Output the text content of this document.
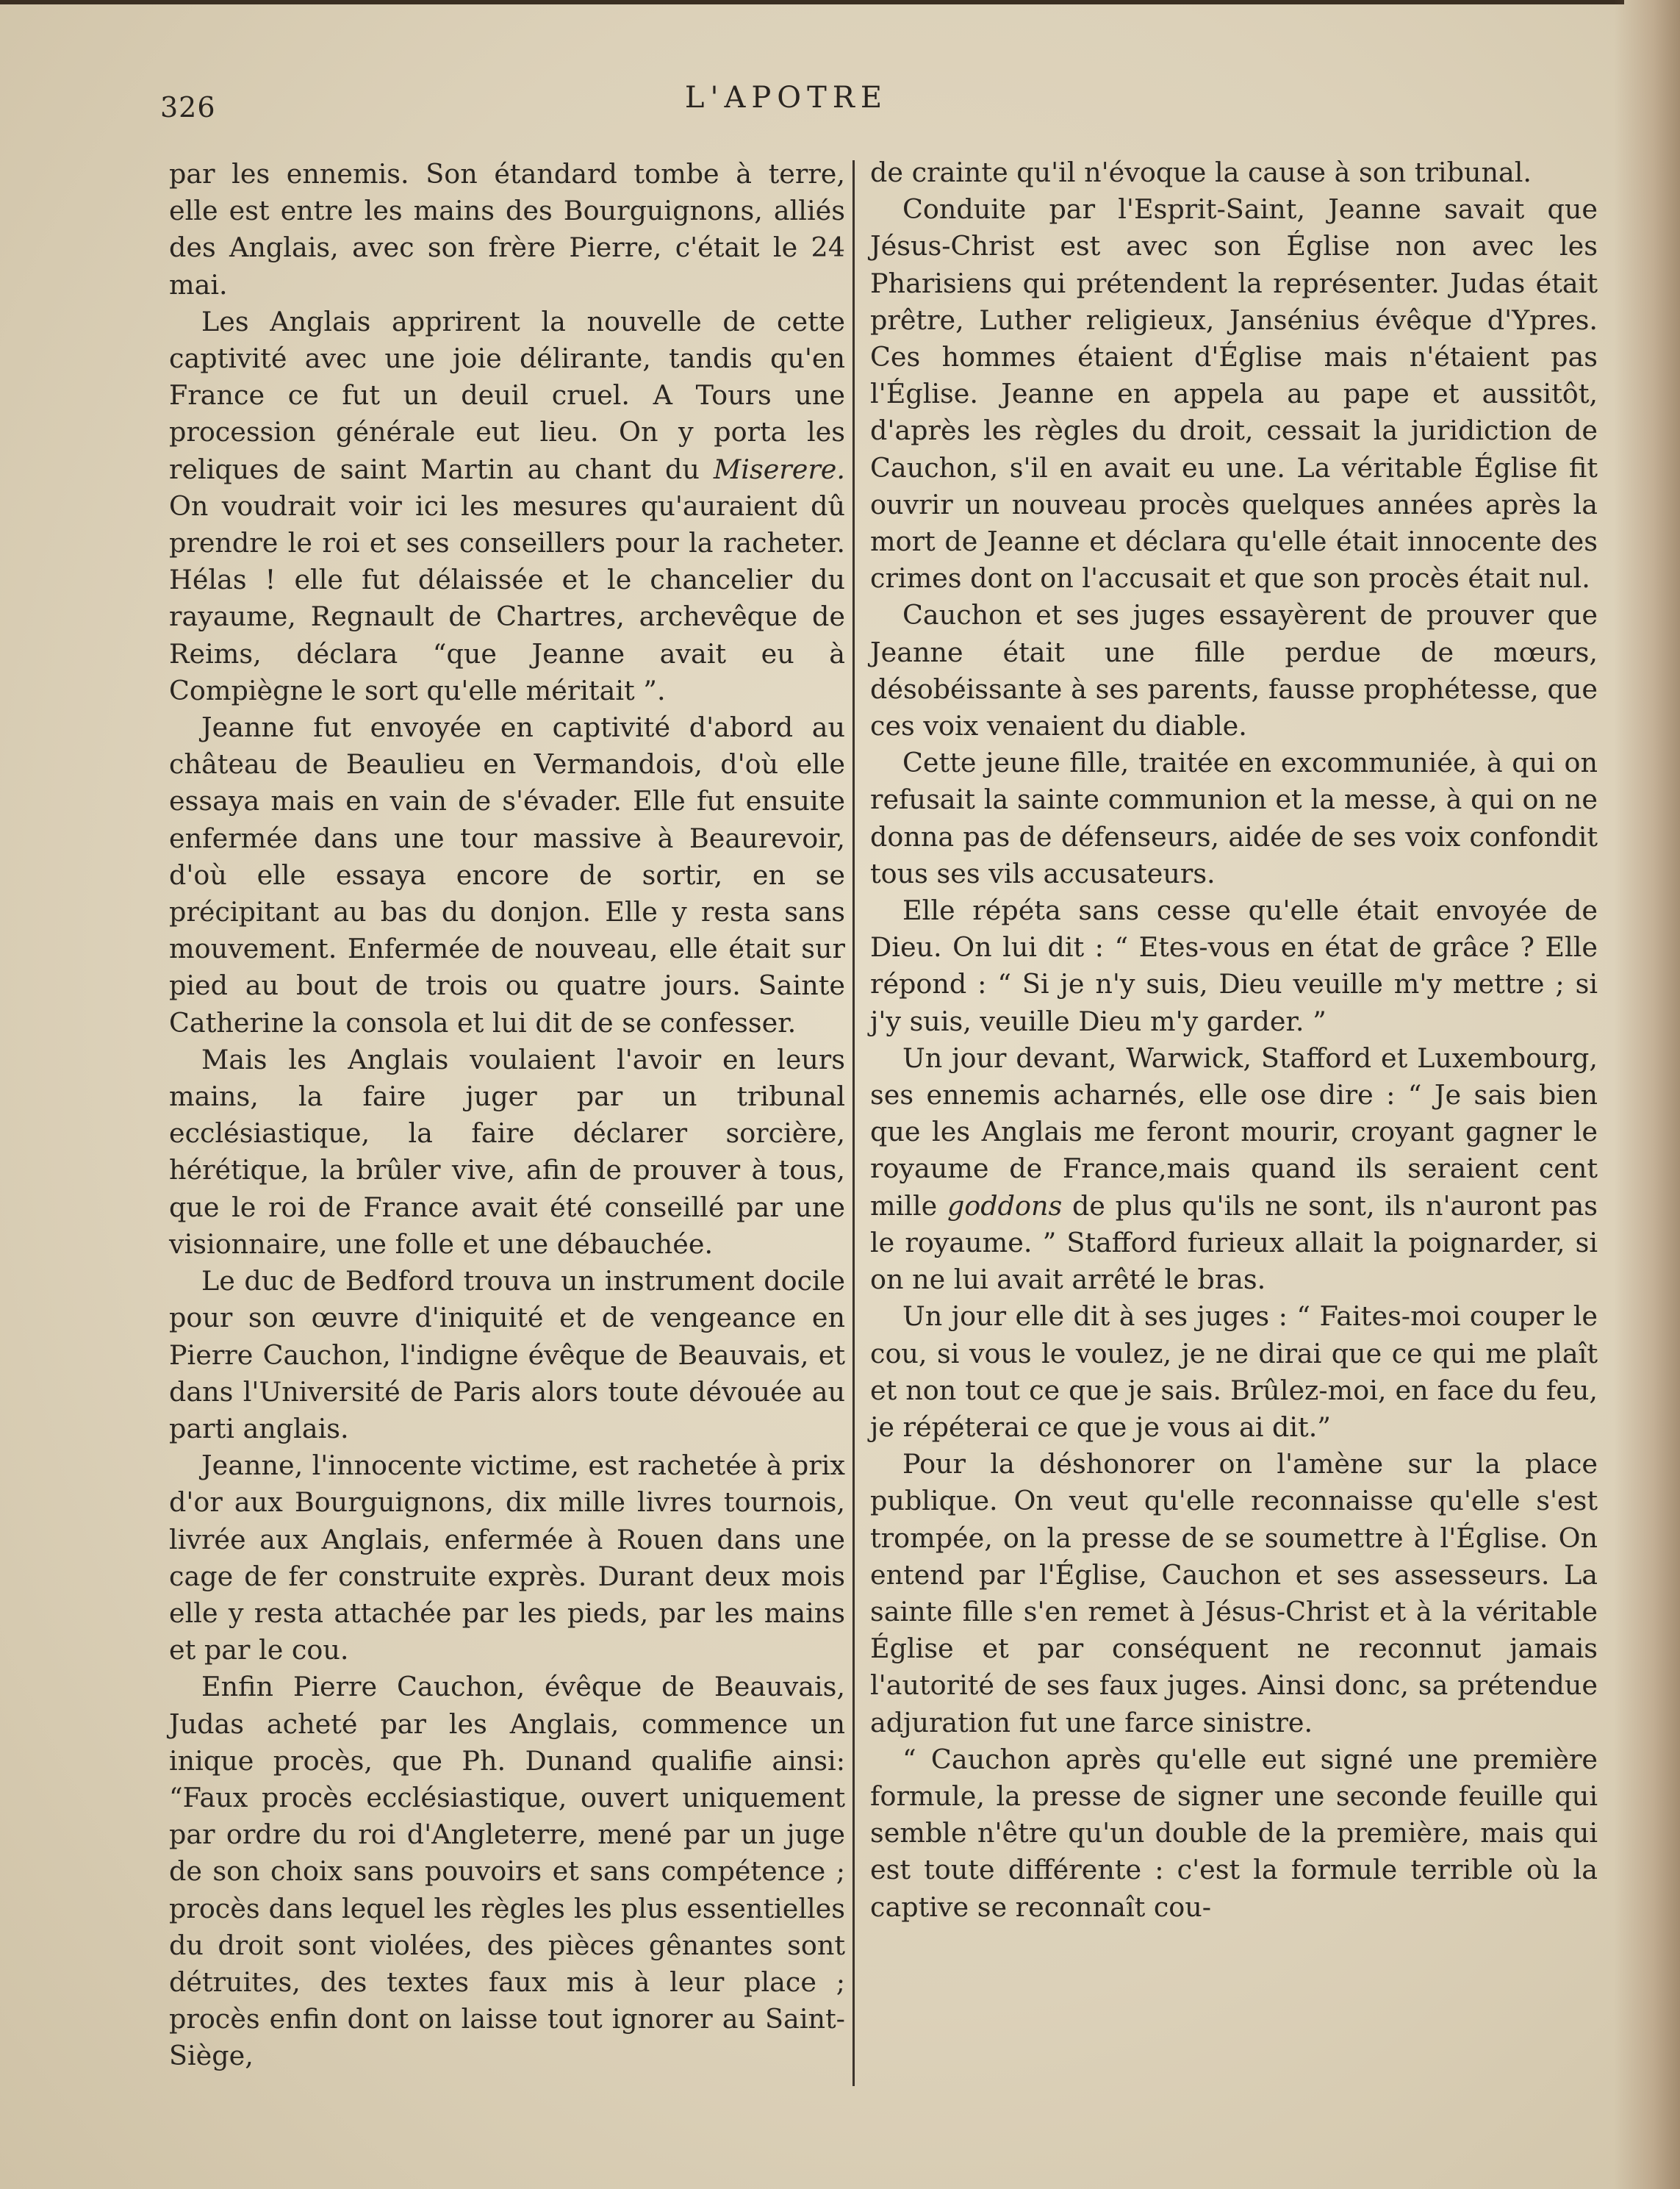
326	L'APOTRE

par les ennemis. Son étandard tombe à terre, elle est entre les mains des Bourguignons, alliés des Anglais, avec son frère Pierre, c'était le 24 mai.

Les Anglais apprirent la nouvelle de cette captivité avec une joie délirante, tandis qu'en France ce fut un deuil cruel. A Tours une procession générale eut lieu. On y porta les reliques de saint Martin au chant du Miserere. On voudrait voir ici les mesures qu'auraient dû prendre le roi et ses conseillers pour la racheter. Hélas ! elle fut délaissée et le chancelier du rayaume, Regnault de Chartres, archevêque de Reims, déclara “que Jeanne avait eu à Compiègne le sort qu'elle méritait ”.

Jeanne fut envoyée en captivité d'abord au château de Beaulieu en Vermandois, d'où elle essaya mais en vain de s'évader. Elle fut ensuite enfermée dans une tour massive à Beaurevoir, d'où elle essaya encore de sortir, en se précipitant au bas du donjon. Elle y resta sans mouvement. Enfermée de nouveau, elle était sur pied au bout de trois ou quatre jours. Sainte Catherine la consola et lui dit de se confesser.

Mais les Anglais voulaient l'avoir en leurs mains, la faire juger par un tribunal ecclésiastique, la faire déclarer sorcière, hérétique, la brûler vive, afin de prouver à tous, que le roi de France avait été conseillé par une visionnaire, une folle et une débauchée.

Le duc de Bedford trouva un instrument docile pour son œuvre d'iniquité et de vengeance en Pierre Cauchon, l'indigne évêque de Beauvais, et dans l'Université de Paris alors toute dévouée au parti anglais.

Jeanne, l'innocente victime, est rachetée à prix d'or aux Bourguignons, dix mille livres tournois, livrée aux Anglais, enfermée à Rouen dans une cage de fer construite exprès. Durant deux mois elle y resta attachée par les pieds, par les mains et par le cou.

Enfin Pierre Cauchon, évêque de Beauvais, Judas acheté par les Anglais, commence un inique procès, que Ph. Dunand qualifie ainsi: “Faux procès ecclésiastique, ouvert uniquement par ordre du roi d'Angleterre, mené par un juge de son choix sans pouvoirs et sans compétence ; procès dans lequel les règles les plus essentielles du droit sont violées, des pièces gênantes sont détruites, des textes faux mis à leur place ; procès enfin dont on laisse tout ignorer au Saint-Siège,

de crainte qu'il n'évoque la cause à son tribunal.

Conduite par l'Esprit-Saint, Jeanne savait que Jésus-Christ est avec son Église non avec les Pharisiens qui prétendent la représenter. Judas était prêtre, Luther religieux, Jansénius évêque d'Ypres. Ces hommes étaient d'Église mais n'étaient pas l'Église. Jeanne en appela au pape et aussitôt, d'après les règles du droit, cessait la juridiction de Cauchon, s'il en avait eu une. La véritable Église fit ouvrir un nouveau procès quelques années après la mort de Jeanne et déclara qu'elle était innocente des crimes dont on l'accusait et que son procès était nul.

Cauchon et ses juges essayèrent de prouver que Jeanne était une fille perdue de mœurs, désobéissante à ses parents, fausse prophétesse, que ces voix venaient du diable.

Cette jeune fille, traitée en excommuniée, à qui on refusait la sainte communion et la messe, à qui on ne donna pas de défenseurs, aidée de ses voix confondit tous ses vils accusateurs.

Elle répéta sans cesse qu'elle était envoyée de Dieu. On lui dit : “ Etes-vous en état de grâce ? Elle répond : “ Si je n'y suis, Dieu veuille m'y mettre ; si j'y suis, veuille Dieu m'y garder. ”

Un jour devant, Warwick, Stafford et Luxembourg, ses ennemis acharnés, elle ose dire : “ Je sais bien que les Anglais me feront mourir, croyant gagner le royaume de France,mais quand ils seraient cent mille goddons de plus qu'ils ne sont, ils n'auront pas le royaume. ” Stafford furieux allait la poignarder, si on ne lui avait arrêté le bras.

Un jour elle dit à ses juges : “ Faites-moi couper le cou, si vous le voulez, je ne dirai que ce qui me plaît et non tout ce que je sais. Brûlez-moi, en face du feu, je répéterai ce que je vous ai dit.”

Pour la déshonorer on l'amène sur la place publique. On veut qu'elle reconnaisse qu'elle s'est trompée, on la presse de se soumettre à l'Église. On entend par l'Église, Cauchon et ses assesseurs. La sainte fille s'en remet à Jésus-Christ et à la véritable Église et par conséquent ne reconnut jamais l'autorité de ses faux juges. Ainsi donc, sa prétendue adjuration fut une farce sinistre.

“ Cauchon après qu'elle eut signé une première formule, la presse de signer une seconde feuille qui semble n'être qu'un double de la première, mais qui est toute différente : c'est la formule terrible où la captive se reconnaît cou-
